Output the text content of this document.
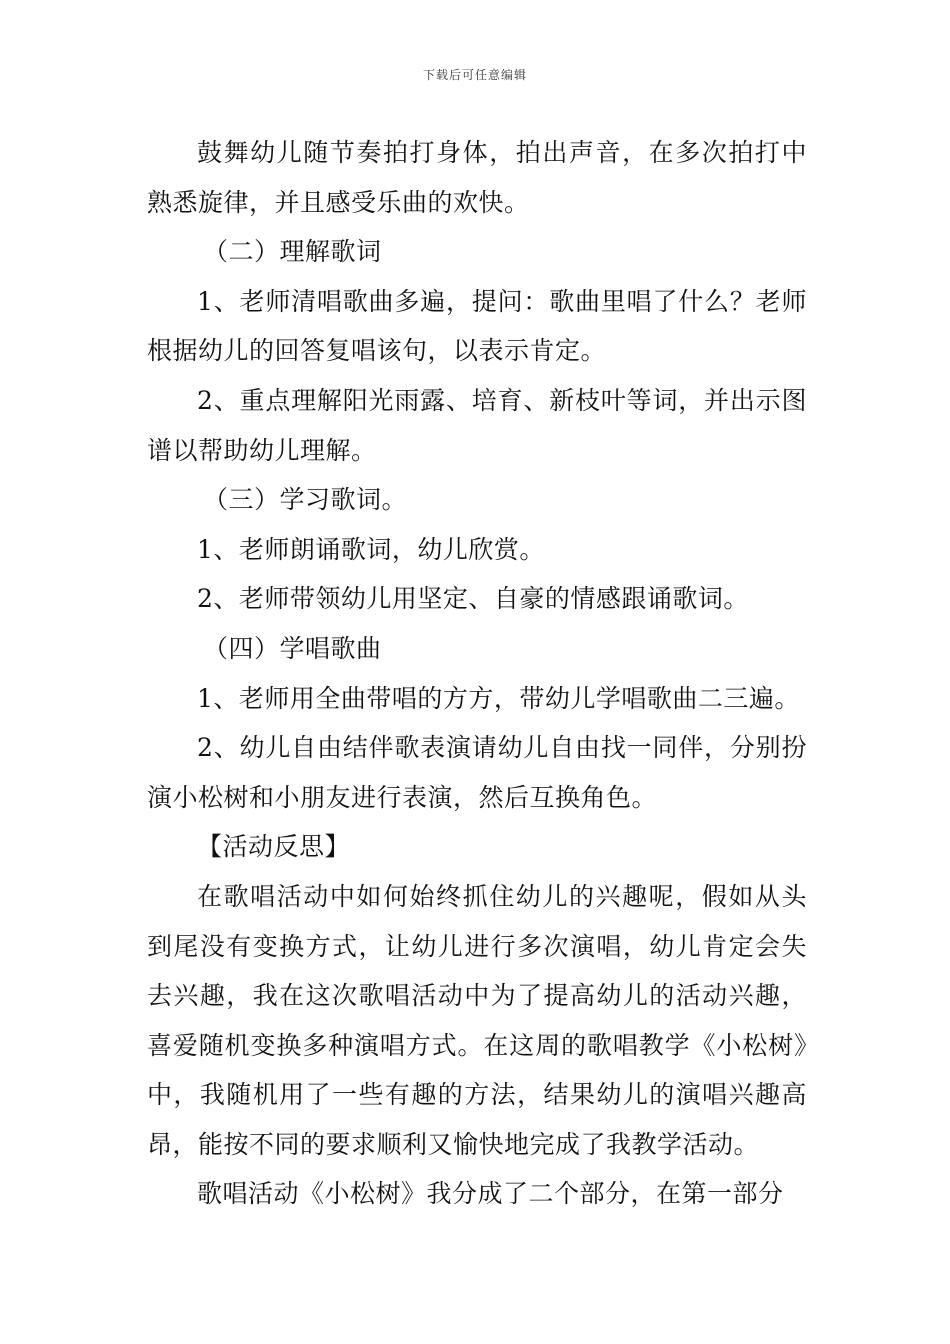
下载后可任意编辑

鼓舞幼儿随节奏拍打身体，拍出声音，在多次拍打中熟悉旋律，并且感受乐曲的欢快。

（二）理解歌词

1、老师清唱歌曲多遍，提问：歌曲里唱了什么？老师根据幼儿的回答复唱该句，以表示肯定。

2、重点理解阳光雨露、培育、新枝叶等词，并出示图谱以帮助幼儿理解。

（三）学习歌词。

1、老师朗诵歌词，幼儿欣赏。

2、老师带领幼儿用坚定、自豪的情感跟诵歌词。

（四）学唱歌曲

1、老师用全曲带唱的方方，带幼儿学唱歌曲二三遍。

2、幼儿自由结伴歌表演请幼儿自由找一同伴，分别扮演小松树和小朋友进行表演，然后互换角色。

【活动反思】

在歌唱活动中如何始终抓住幼儿的兴趣呢，假如从头到尾没有变换方式，让幼儿进行多次演唱，幼儿肯定会失去兴趣，我在这次歌唱活动中为了提高幼儿的活动兴趣，喜爱随机变换多种演唱方式。在这周的歌唱教学《小松树》中，我随机用了一些有趣的方法，结果幼儿的演唱兴趣高昂，能按不同的要求顺利又愉快地完成了我教学活动。

歌唱活动《小松树》我分成了二个部分，在第一部分
